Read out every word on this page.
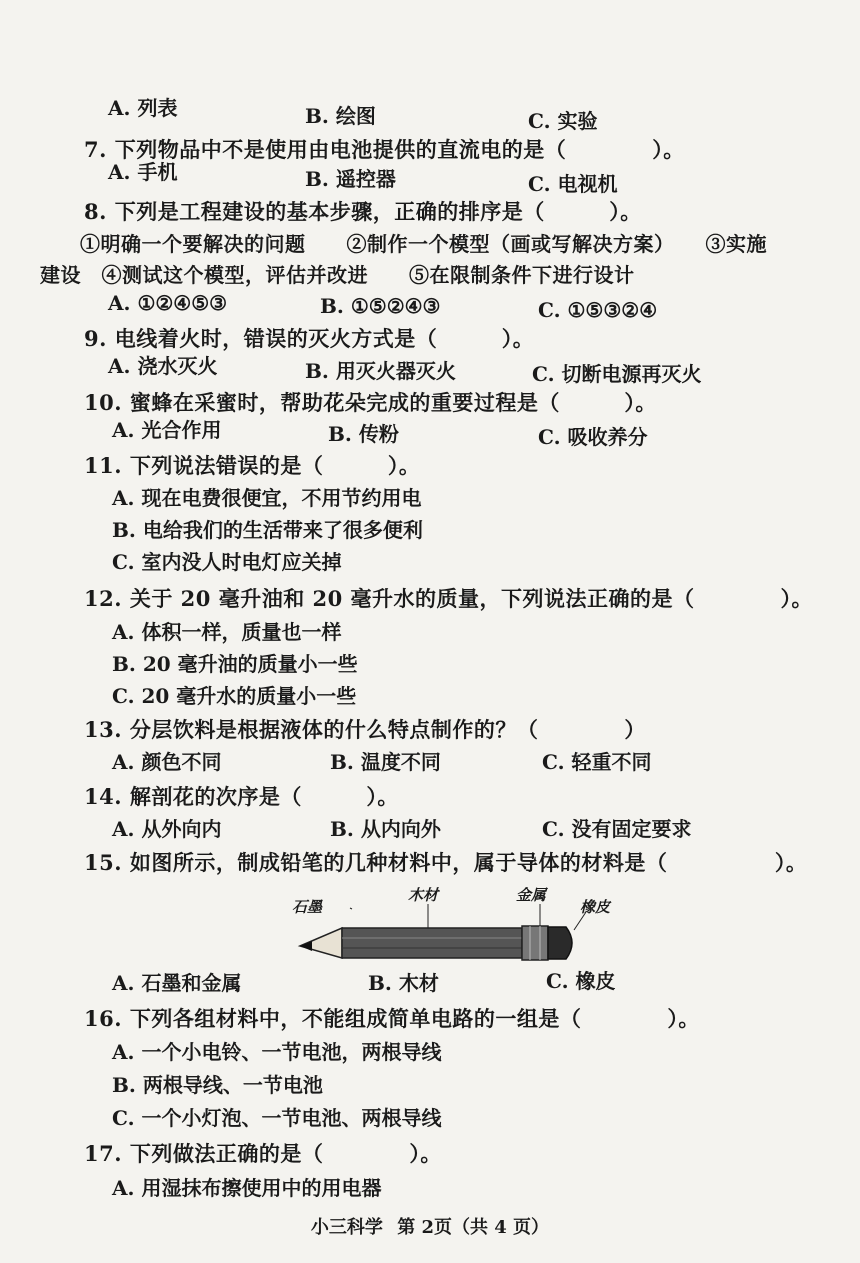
A. 列表	B. 绘图	C. 实验
7. 下列物品中不是使用由电池提供的直流电的是（　　　　）。
A. 手机	B. 遥控器	C. 电视机
8. 下列是工程建设的基本步骤，正确的排序是（　　　）。
①明确一个要解决的问题　　②制作一个模型（画或写解决方案）　　③实施
建设　④测试这个模型，评估并改进　　⑤在限制条件下进行设计
A. ①②④⑤③	B. ①⑤②④③	C. ①⑤③②④
9. 电线着火时，错误的灭火方式是（　　　）。
A. 浇水灭火	B. 用灭火器灭火	C. 切断电源再灭火
10. 蜜蜂在采蜜时，帮助花朵完成的重要过程是（　　　）。
A. 光合作用	B. 传粉	C. 吸收养分
11. 下列说法错误的是（　　　）。
A. 现在电费很便宜，不用节约用电
B. 电给我们的生活带来了很多便利
C. 室内没人时电灯应关掉
12. 关于 20 毫升油和 20 毫升水的质量，下列说法正确的是（　　　　）。
A. 体积一样，质量也一样
B. 20 毫升油的质量小一些
C. 20 毫升水的质量小一些
13. 分层饮料是根据液体的什么特点制作的？（　　　　）
A. 颜色不同	B. 温度不同	C. 轻重不同
14. 解剖花的次序是（　　　）。
A. 从外向内	B. 从内向外	C. 没有固定要求
15. 如图所示，制成铅笔的几种材料中，属于导体的材料是（　　　　　）。
石墨
木材	金属
橡皮
A. 石墨和金属	B. 木材	C. 橡皮
16. 下列各组材料中，不能组成简单电路的一组是（　　　　）。
A. 一个小电铃、一节电池，两根导线
B. 两根导线、一节电池
C. 一个小灯泡、一节电池、两根导线
17. 下列做法正确的是（　　　　）。
A. 用湿抹布擦使用中的用电器
小三科学 第 2页（共 4 页）
